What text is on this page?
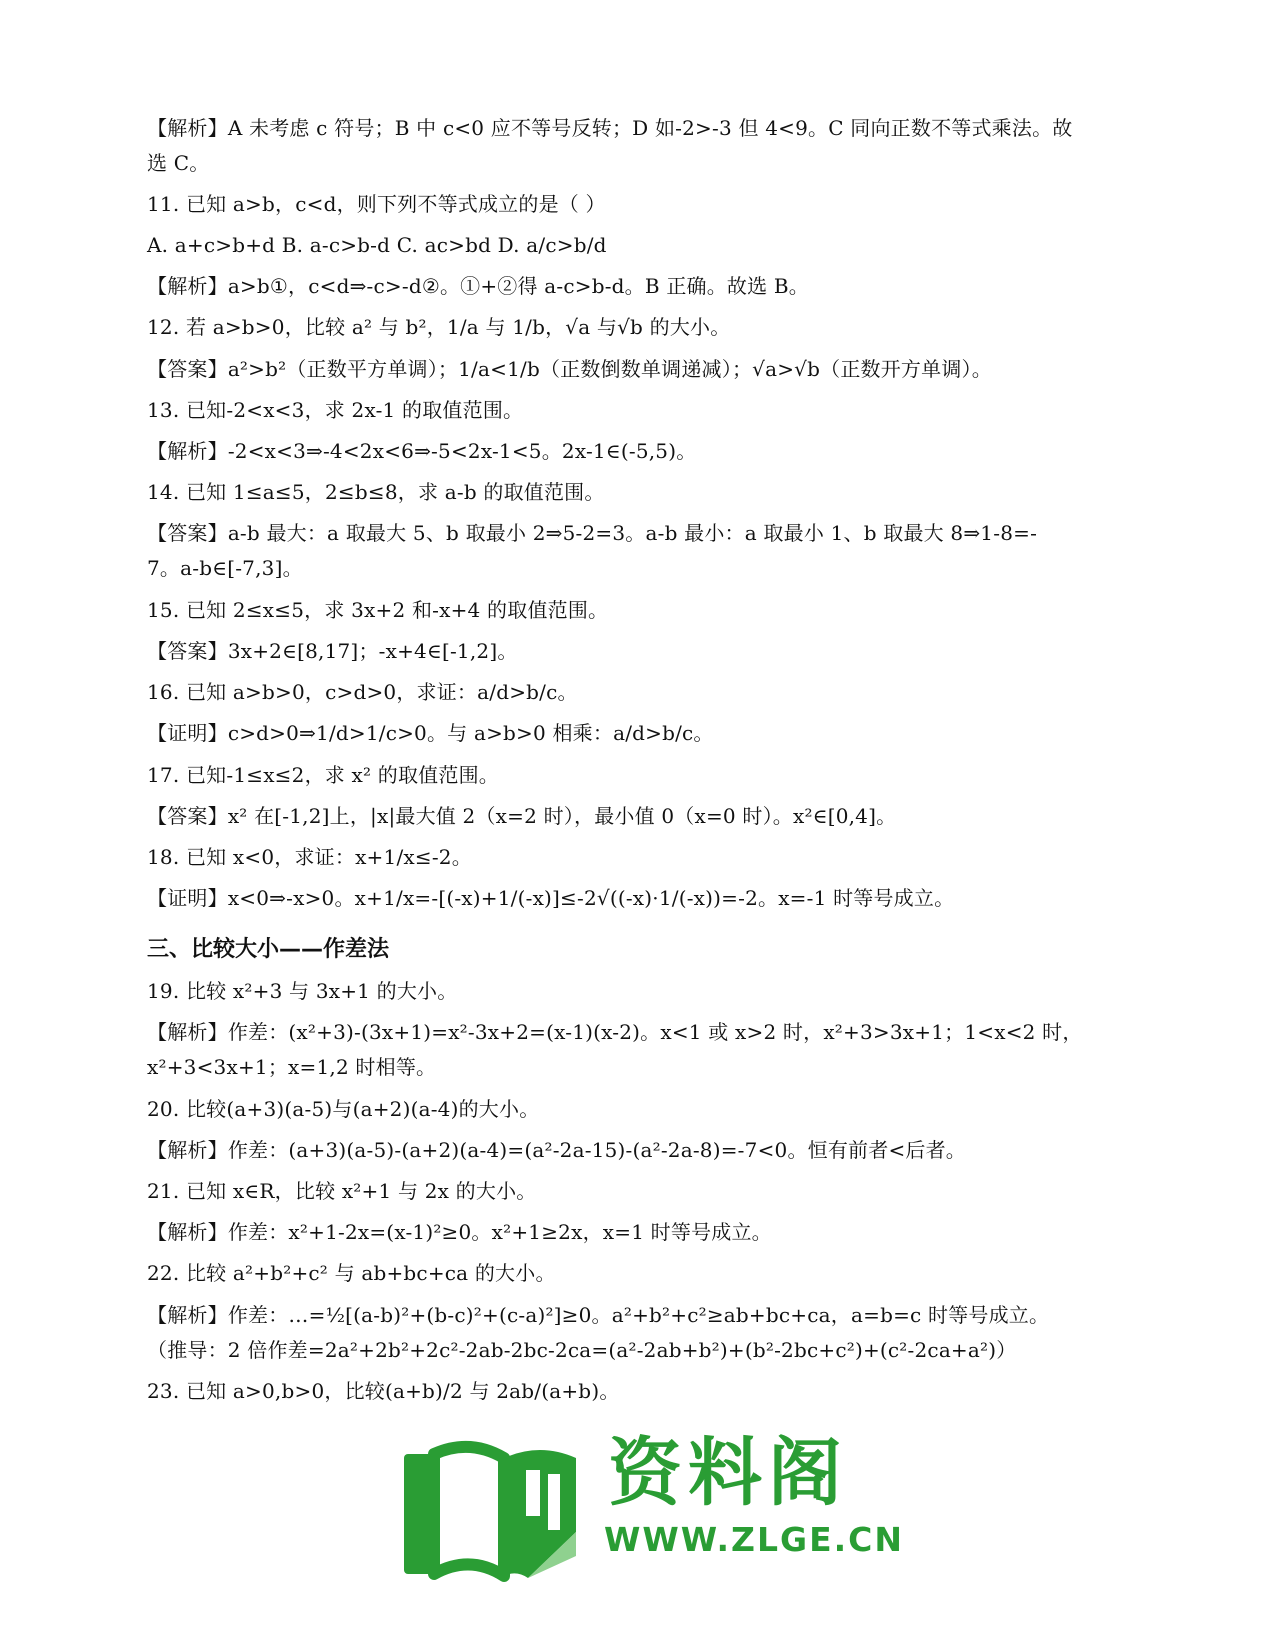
【解析】A 未考虑 c 符号；B 中 c<0 应不等号反转；D 如-2>-3 但 4<9。C 同向正数不等式乘法。故

选 C。

11. 已知 a>b，c<d，则下列不等式成立的是（ ）

A. a+c>b+d B. a-c>b-d C. ac>bd D. a/c>b/d

【解析】a>b①，c<d⇒-c>-d②。①+②得 a-c>b-d。B 正确。故选 B。

12. 若 a>b>0，比较 a² 与 b²，1/a 与 1/b，√a 与√b 的大小。

【答案】a²>b²（正数平方单调）；1/a<1/b（正数倒数单调递减）；√a>√b（正数开方单调）。

13. 已知-2<x<3，求 2x-1 的取值范围。

【解析】-2<x<3⇒-4<2x<6⇒-5<2x-1<5。2x-1∈(-5,5)。

14. 已知 1≤a≤5，2≤b≤8，求 a-b 的取值范围。

【答案】a-b 最大：a 取最大 5、b 取最小 2⇒5-2=3。a-b 最小：a 取最小 1、b 取最大 8⇒1-8=-

7。a-b∈[-7,3]。

15. 已知 2≤x≤5，求 3x+2 和-x+4 的取值范围。

【答案】3x+2∈[8,17]；-x+4∈[-1,2]。

16. 已知 a>b>0，c>d>0，求证：a/d>b/c。

【证明】c>d>0⇒1/d>1/c>0。与 a>b>0 相乘：a/d>b/c。

17. 已知-1≤x≤2，求 x² 的取值范围。

【答案】x² 在[-1,2]上，|x|最大值 2（x=2 时），最小值 0（x=0 时）。x²∈[0,4]。

18. 已知 x<0，求证：x+1/x≤-2。

【证明】x<0⇒-x>0。x+1/x=-[(-x)+1/(-x)]≤-2√((-x)·1/(-x))=-2。x=-1 时等号成立。

三、比较大小——作差法

19. 比较 x²+3 与 3x+1 的大小。

【解析】作差：(x²+3)-(3x+1)=x²-3x+2=(x-1)(x-2)。x<1 或 x>2 时，x²+3>3x+1；1<x<2 时，

x²+3<3x+1；x=1,2 时相等。

20. 比较(a+3)(a-5)与(a+2)(a-4)的大小。

【解析】作差：(a+3)(a-5)-(a+2)(a-4)=(a²-2a-15)-(a²-2a-8)=-7<0。恒有前者<后者。

21. 已知 x∈R，比较 x²+1 与 2x 的大小。

【解析】作差：x²+1-2x=(x-1)²≥0。x²+1≥2x，x=1 时等号成立。

22. 比较 a²+b²+c² 与 ab+bc+ca 的大小。

【解析】作差：…=½[(a-b)²+(b-c)²+(c-a)²]≥0。a²+b²+c²≥ab+bc+ca，a=b=c 时等号成立。

（推导：2 倍作差=2a²+2b²+2c²-2ab-2bc-2ca=(a²-2ab+b²)+(b²-2bc+c²)+(c²-2ca+a²)）

23. 已知 a>0,b>0，比较(a+b)/2 与 2ab/(a+b)。

资料阁
WWW.ZLGE.CN
